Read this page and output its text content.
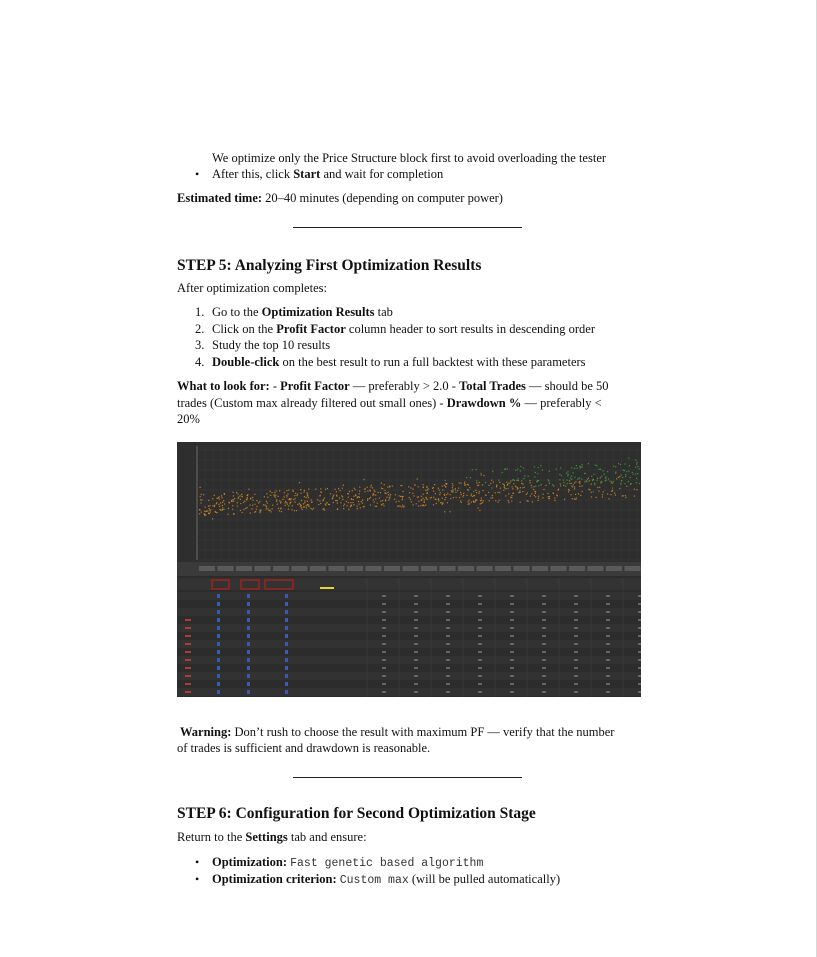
We optimize only the Price Structure block first to avoid overloading the tester
• After this, click Start and wait for completion
Estimated time: 20–40 minutes (depending on computer power)
STEP 5: Analyzing First Optimization Results
After optimization completes:
1. Go to the Optimization Results tab
2. Click on the Profit Factor column header to sort results in descending order
3. Study the top 10 results
4. Double-click on the best result to run a full backtest with these parameters
What to look for: - Profit Factor — preferably > 2.0 - Total Trades — should be 50
trades (Custom max already filtered out small ones) - Drawdown % — preferably <
20%
Warning: Don’t rush to choose the result with maximum PF — verify that the number
of trades is sufficient and drawdown is reasonable.
STEP 6: Configuration for Second Optimization Stage
Return to the Settings tab and ensure:
• Optimization: Fast genetic based algorithm
• Optimization criterion: Custom max (will be pulled automatically)
